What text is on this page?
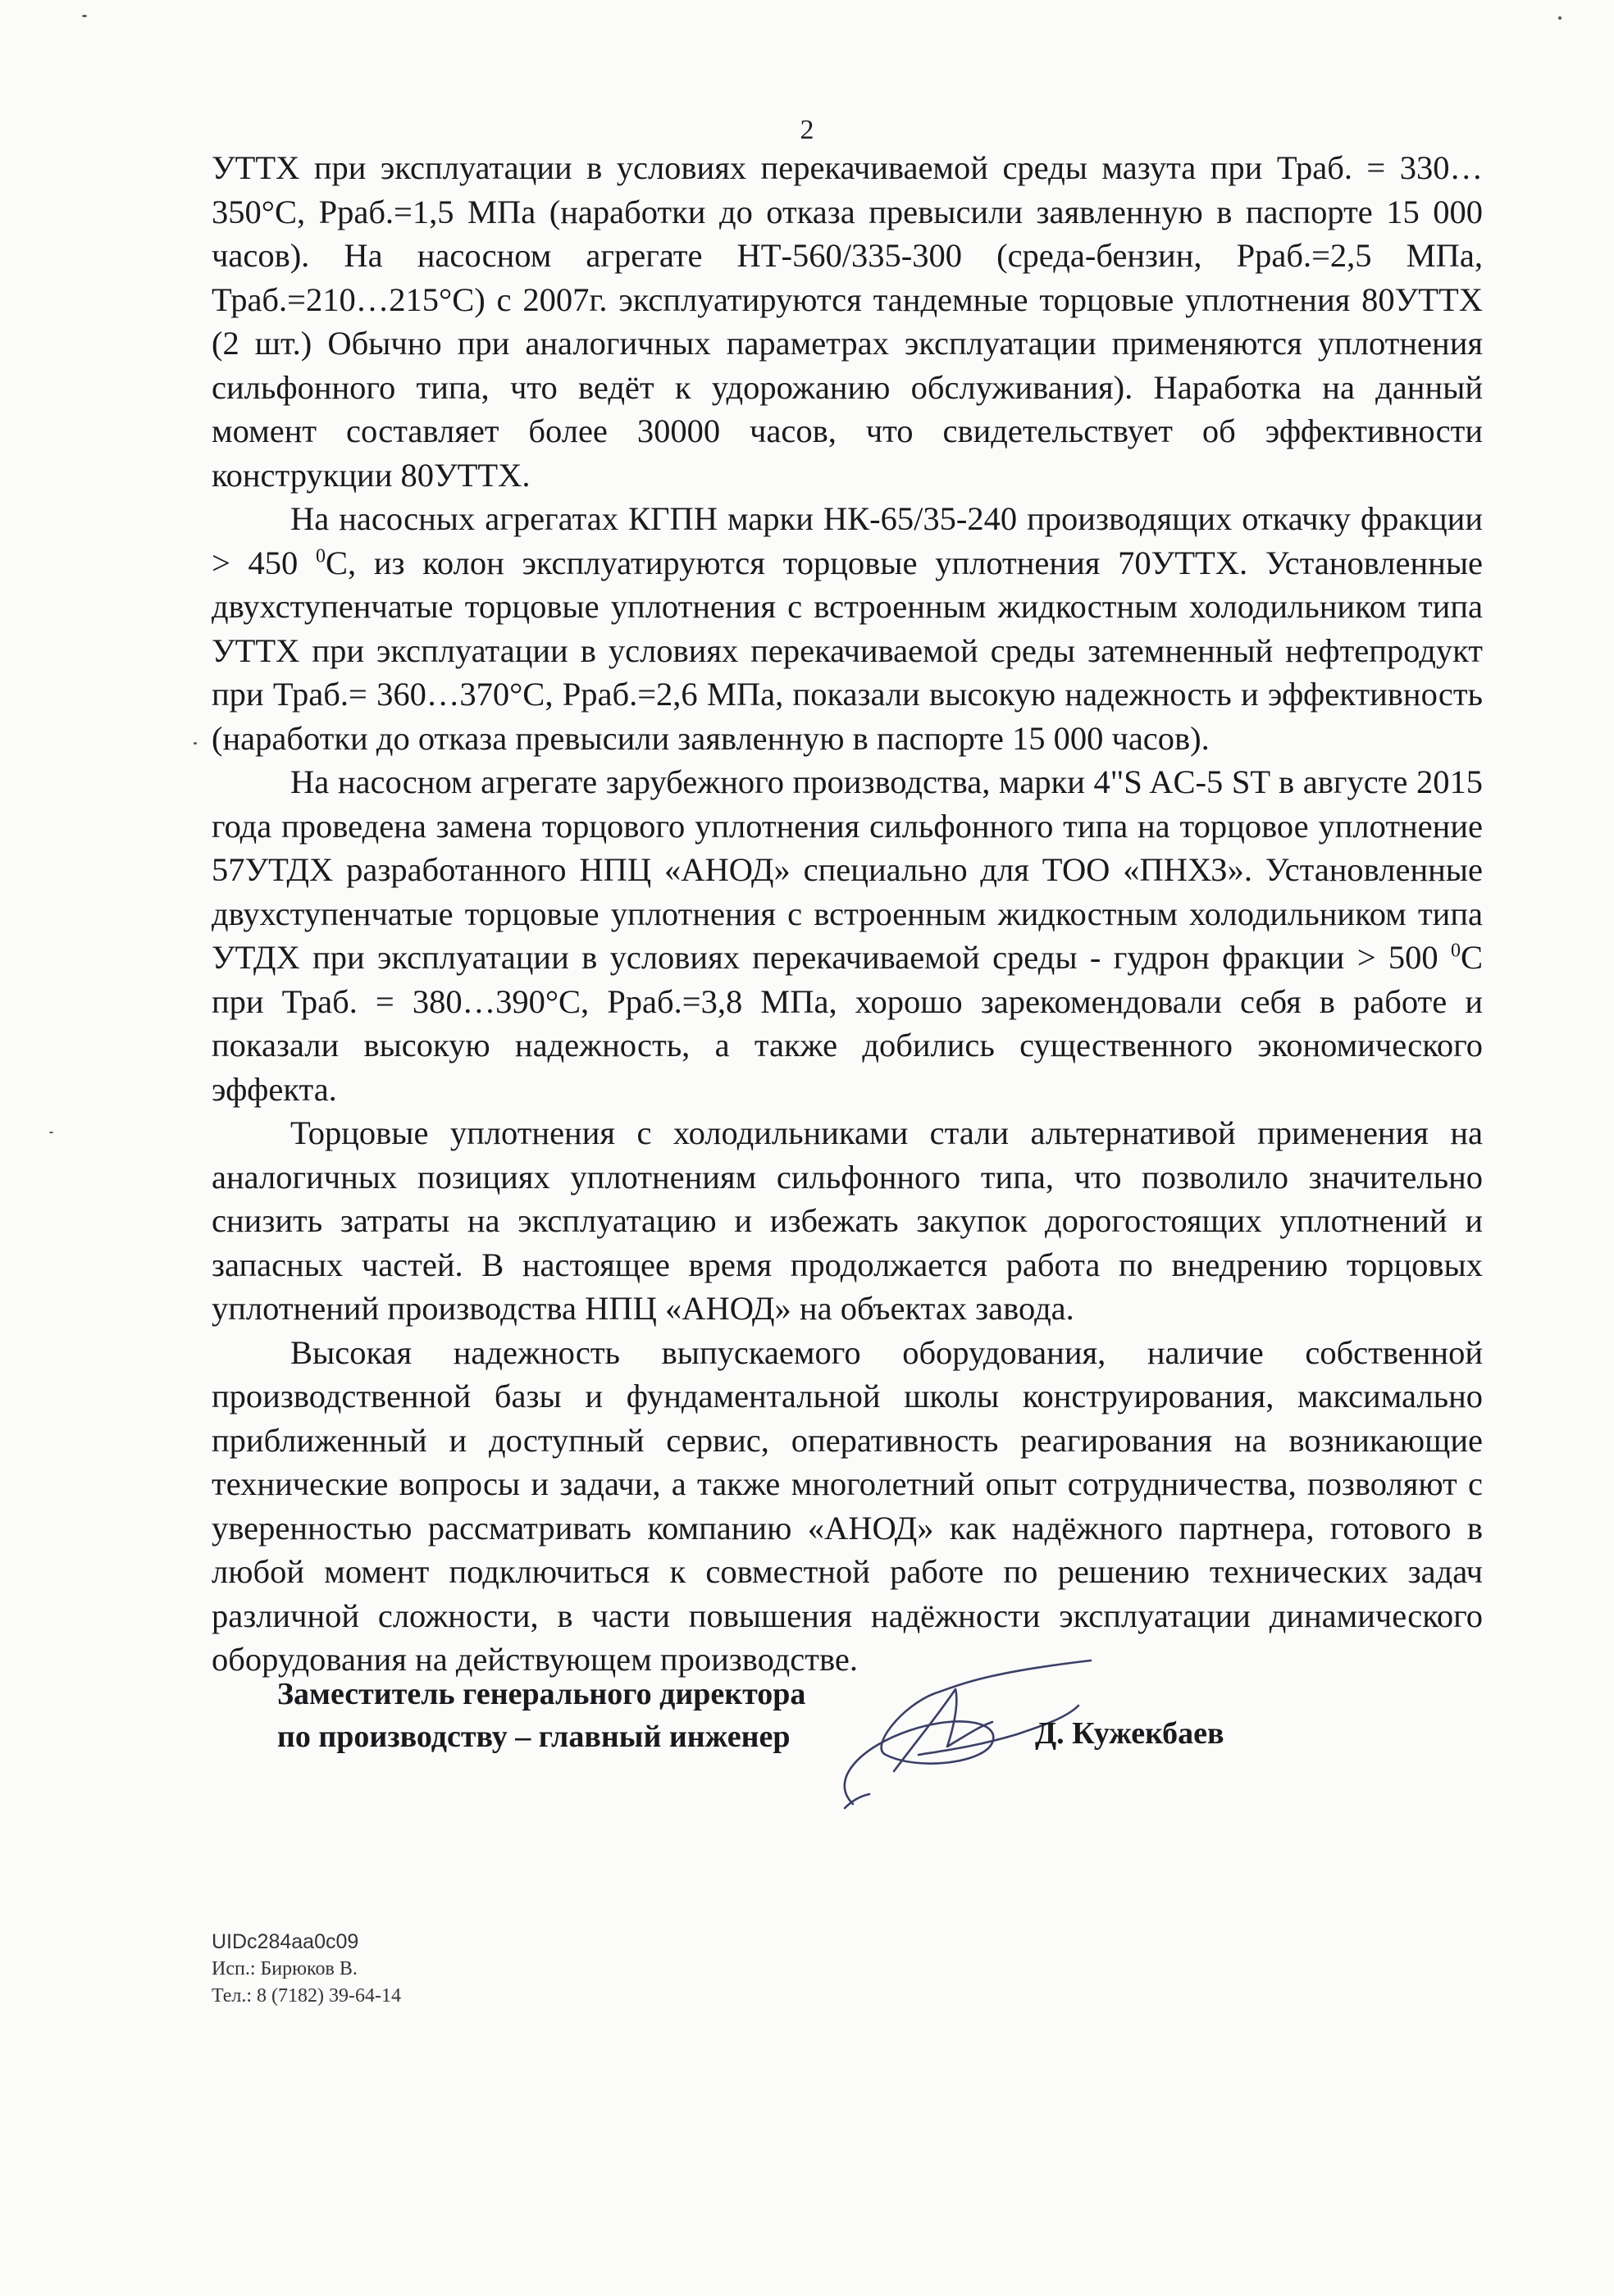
2

УТТХ при эксплуатации в условиях перекачиваемой среды мазута при Траб. = 330…350°С, Рраб.=1,5 МПа (наработки до отказа превысили заявленную в паспорте 15 000 часов). На насосном агрегате НТ-560/335-300 (среда-бензин, Рраб.=2,5 МПа, Траб.=210…215°С) с 2007г. эксплуатируются тандемные торцовые уплотнения 80УТТХ (2 шт.) Обычно при аналогичных параметрах эксплуатации применяются уплотнения сильфонного типа, что ведёт к удорожанию обслуживания). Наработка на данный момент составляет более 30000 часов, что свидетельствует об эффективности конструкции 80УТТХ.

На насосных агрегатах КГПН марки НК-65/35-240 производящих откачку фракции > 450 $^0$С, из колон эксплуатируются торцовые уплотнения 70УТТХ. Установленные двухступенчатые торцовые уплотнения с встроенным жидкостным холодильником типа УТТХ при эксплуатации в условиях перекачиваемой среды затемненный нефтепродукт при Траб.= 360…370°С, Рраб.=2,6 МПа, показали высокую надежность и эффективность (наработки до отказа превысили заявленную в паспорте 15 000 часов).

На насосном агрегате зарубежного производства, марки 4"S AC-5 ST в августе 2015 года проведена замена торцового уплотнения сильфонного типа на торцовое уплотнение 57УТДХ разработанного НПЦ «АНОД» специально для ТОО «ПНХЗ». Установленные двухступенчатые торцовые уплотнения с встроенным жидкостным холодильником типа УТДХ при эксплуатации в условиях перекачиваемой среды - гудрон фракции > 500 $^0$С при Траб. = 380…390°С, Рраб.=3,8 МПа, хорошо зарекомендовали себя в работе и показали высокую надежность, а также добились существенного экономического эффекта.

Торцовые уплотнения с холодильниками стали альтернативой применения на аналогичных позициях уплотнениям сильфонного типа, что позволило значительно снизить затраты на эксплуатацию и избежать закупок дорогостоящих уплотнений и запасных частей. В настоящее время продолжается работа по внедрению торцовых уплотнений производства НПЦ «АНОД» на объектах завода.

Высокая надежность выпускаемого оборудования, наличие собственной производственной базы и фундаментальной школы конструирования, максимально приближенный и доступный сервис, оперативность реагирования на возникающие технические вопросы и задачи, а также многолетний опыт сотрудничества, позволяют с уверенностью рассматривать компанию «АНОД» как надёжного партнера, готового в любой момент подключиться к совместной работе по решению технических задач различной сложности, в части повышения надёжности эксплуатации динамического оборудования на действующем производстве.

Заместитель генерального директора
по производству – главный инженер	Д. Кужекбаев
UIDc284aa0c09
Исп.: Бирюков В.
Тел.: 8 (7182) 39-64-14
